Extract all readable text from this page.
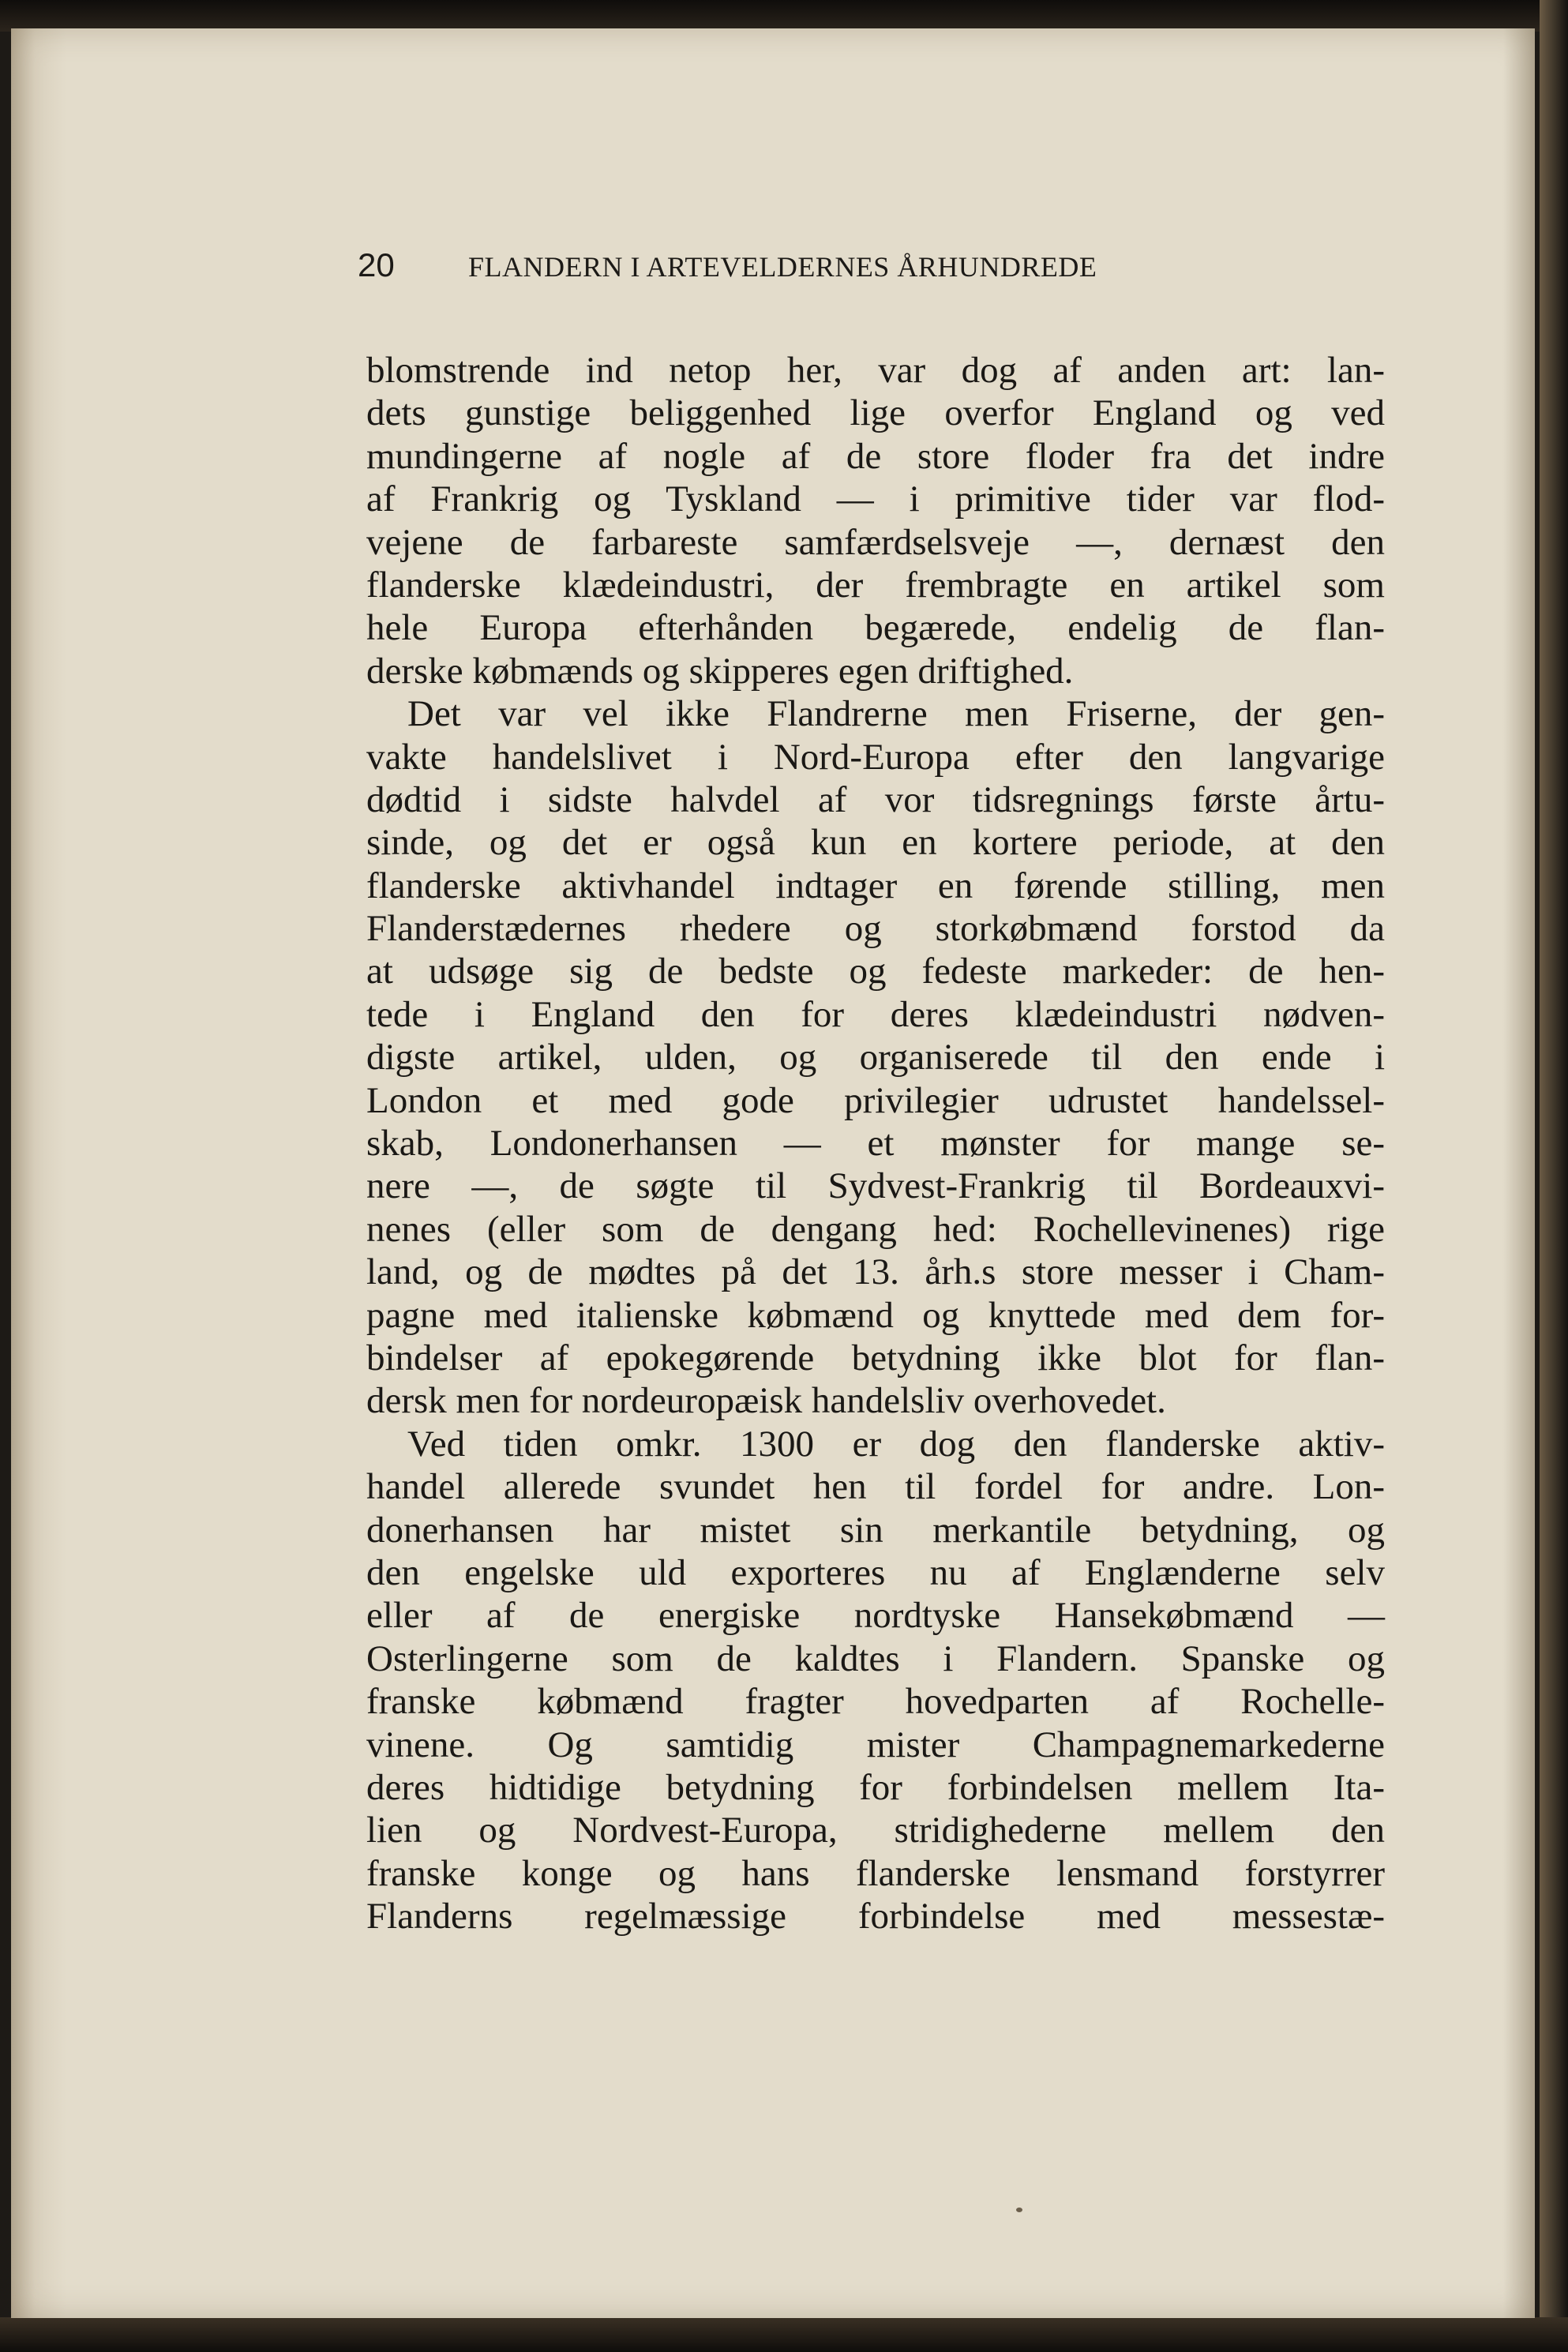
20	FLANDERN I ARTEVELDERNES ÅRHUNDREDE
blomstrende ind netop her, var dog af anden art: lan-
dets gunstige beliggenhed lige overfor England og ved
mundingerne af nogle af de store floder fra det indre
af Frankrig og Tyskland — i primitive tider var flod-
vejene de farbareste samfærdselsveje —, dernæst den
flanderske klædeindustri, der frembragte en artikel som
hele Europa efterhånden begærede, endelig de flan-
derske købmænds og skipperes egen driftighed.
Det var vel ikke Flandrerne men Friserne, der gen-
vakte handelslivet i Nord-Europa efter den langvarige
dødtid i sidste halvdel af vor tidsregnings første årtu-
sinde, og det er også kun en kortere periode, at den
flanderske aktivhandel indtager en førende stilling, men
Flanderstædernes rhedere og storkøbmænd forstod da
at udsøge sig de bedste og fedeste markeder: de hen-
tede i England den for deres klædeindustri nødven-
digste artikel, ulden, og organiserede til den ende i
London et med gode privilegier udrustet handelssel-
skab, Londonerhansen — et mønster for mange se-
nere —, de søgte til Sydvest-Frankrig til Bordeauxvi-
nenes (eller som de dengang hed: Rochellevinenes) rige
land, og de mødtes på det 13. årh.s store messer i Cham-
pagne med italienske købmænd og knyttede med dem for-
bindelser af epokegørende betydning ikke blot for flan-
dersk men for nordeuropæisk handelsliv overhovedet.
Ved tiden omkr. 1300 er dog den flanderske aktiv-
handel allerede svundet hen til fordel for andre. Lon-
donerhansen har mistet sin merkantile betydning, og
den engelske uld exporteres nu af Englænderne selv
eller af de energiske nordtyske Hansekøbmænd —
Osterlingerne som de kaldtes i Flandern. Spanske og
franske købmænd fragter hovedparten af Rochelle-
vinene. Og samtidig mister Champagnemarkederne
deres hidtidige betydning for forbindelsen mellem Ita-
lien og Nordvest-Europa, stridighederne mellem den
franske konge og hans flanderske lensmand forstyrrer
Flanderns regelmæssige forbindelse med messestæ-
